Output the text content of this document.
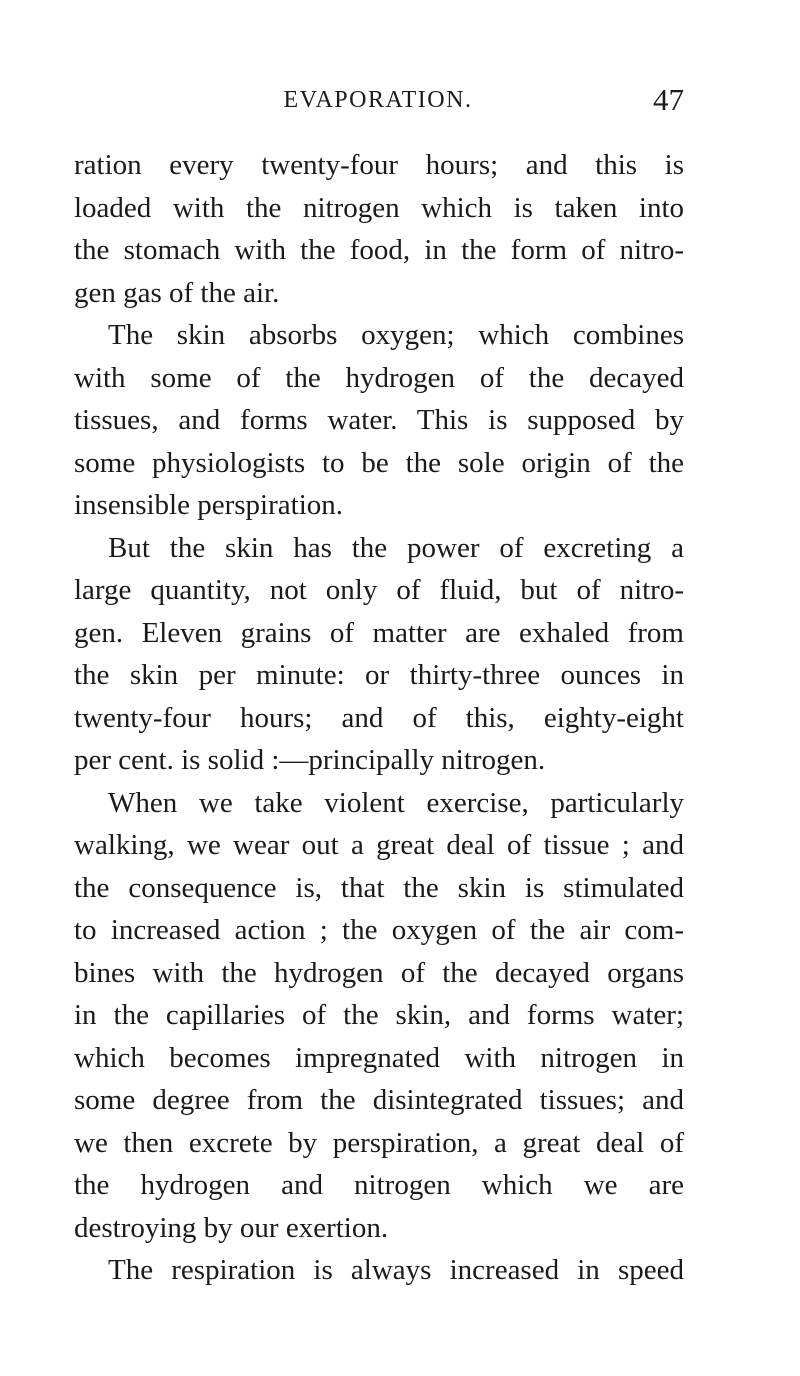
EVAPORATION.	47
ration every twenty-four hours; and this is
loaded with the nitrogen which is taken into
the stomach with the food, in the form of nitro-
gen gas of the air.
The skin absorbs oxygen; which combines
with some of the hydrogen of the decayed
tissues, and forms water. This is supposed by
some physiologists to be the sole origin of the
insensible perspiration.
But the skin has the power of excreting a
large quantity, not only of fluid, but of nitro-
gen. Eleven grains of matter are exhaled from
the skin per minute: or thirty-three ounces in
twenty-four hours; and of this, eighty-eight
per cent. is solid :—principally nitrogen.
When we take violent exercise, particularly
walking, we wear out a great deal of tissue ; and
the consequence is, that the skin is stimulated
to increased action ; the oxygen of the air com-
bines with the hydrogen of the decayed organs
in the capillaries of the skin, and forms water;
which becomes impregnated with nitrogen in
some degree from the disintegrated tissues; and
we then excrete by perspiration, a great deal of
the hydrogen and nitrogen which we are
destroying by our exertion.
The respiration is always increased in speed
